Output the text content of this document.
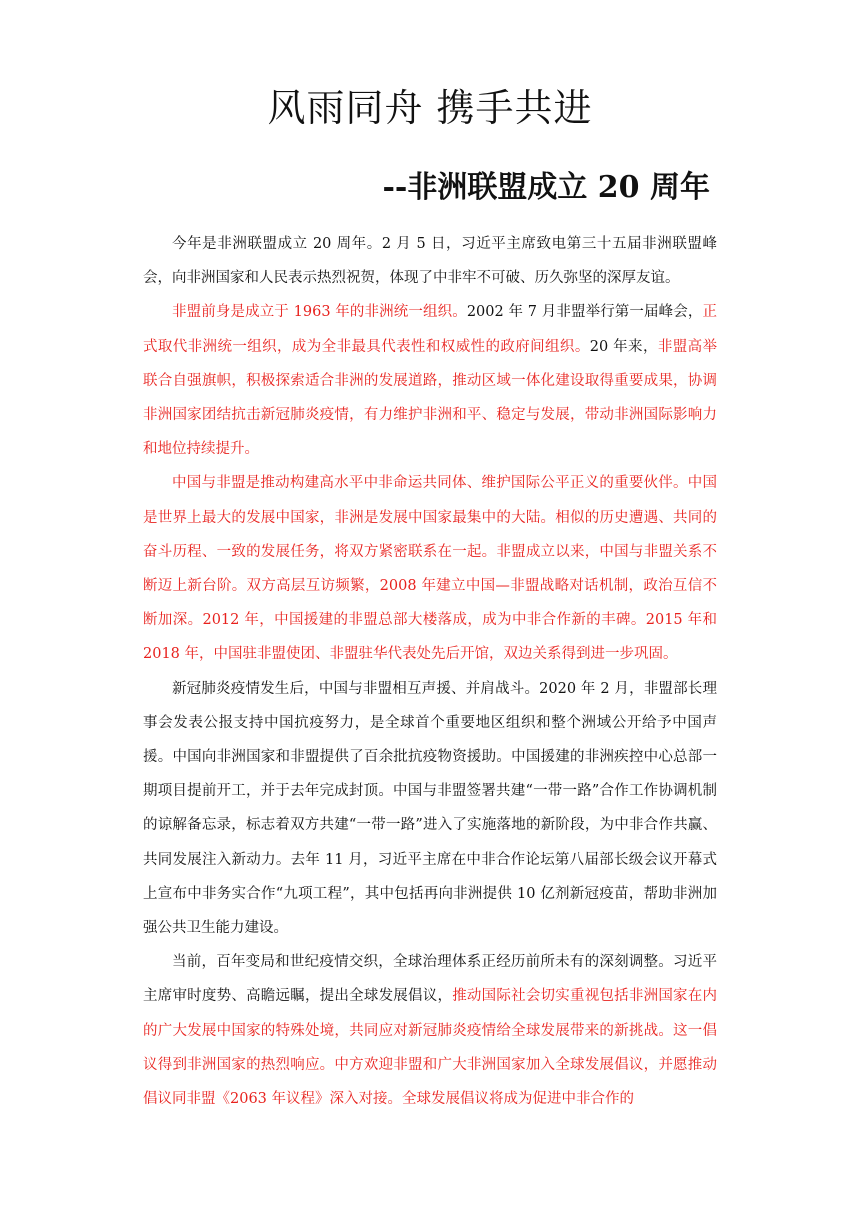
风雨同舟 携手共进
--非洲联盟成立 20 周年

今年是非洲联盟成立 20 周年。2 月 5 日，习近平主席致电第三十五届非洲联盟峰会，向非洲国家和人民表示热烈祝贺，体现了中非牢不可破、历久弥坚的深厚友谊。

非盟前身是成立于 1963 年的非洲统一组织。2002 年 7 月非盟举行第一届峰会，正式取代非洲统一组织，成为全非最具代表性和权威性的政府间组织。20 年来，非盟高举联合自强旗帜，积极探索适合非洲的发展道路，推动区域一体化建设取得重要成果，协调非洲国家团结抗击新冠肺炎疫情，有力维护非洲和平、稳定与发展，带动非洲国际影响力和地位持续提升。

中国与非盟是推动构建高水平中非命运共同体、维护国际公平正义的重要伙伴。中国是世界上最大的发展中国家，非洲是发展中国家最集中的大陆。相似的历史遭遇、共同的奋斗历程、一致的发展任务，将双方紧密联系在一起。非盟成立以来，中国与非盟关系不断迈上新台阶。双方高层互访频繁，2008 年建立中国—非盟战略对话机制，政治互信不断加深。2012 年，中国援建的非盟总部大楼落成，成为中非合作新的丰碑。2015 年和 2018 年，中国驻非盟使团、非盟驻华代表处先后开馆，双边关系得到进一步巩固。

新冠肺炎疫情发生后，中国与非盟相互声援、并肩战斗。2020 年 2 月，非盟部长理事会发表公报支持中国抗疫努力，是全球首个重要地区组织和整个洲域公开给予中国声援。中国向非洲国家和非盟提供了百余批抗疫物资援助。中国援建的非洲疾控中心总部一期项目提前开工，并于去年完成封顶。中国与非盟签署共建“一带一路”合作工作协调机制的谅解备忘录，标志着双方共建“一带一路”进入了实施落地的新阶段，为中非合作共赢、共同发展注入新动力。去年 11 月，习近平主席在中非合作论坛第八届部长级会议开幕式上宣布中非务实合作“九项工程”，其中包括再向非洲提供 10 亿剂新冠疫苗，帮助非洲加强公共卫生能力建设。

当前，百年变局和世纪疫情交织，全球治理体系正经历前所未有的深刻调整。习近平主席审时度势、高瞻远瞩，提出全球发展倡议，推动国际社会切实重视包括非洲国家在内的广大发展中国家的特殊处境，共同应对新冠肺炎疫情给全球发展带来的新挑战。这一倡议得到非洲国家的热烈响应。中方欢迎非盟和广大非洲国家加入全球发展倡议，并愿推动倡议同非盟《2063 年议程》深入对接。全球发展倡议将成为促进中非合作的
